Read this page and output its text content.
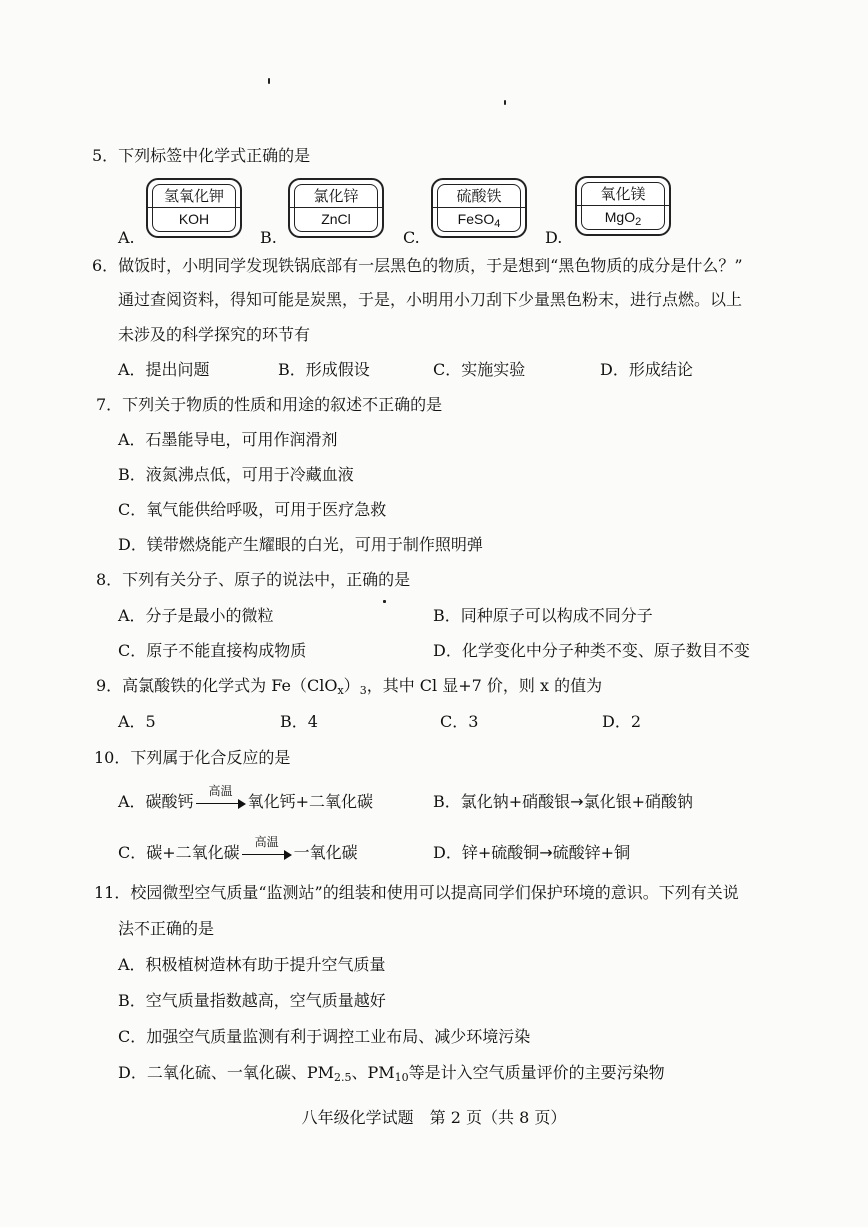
5．下列标签中化学式正确的是
A.
氢氧化钾
KOH
B.
氯化锌
ZnCl
C.
硫酸铁
FeSO$_4$
D.
氧化镁
MgO$_2$
6．做饭时，小明同学发现铁锅底部有一层黑色的物质，于是想到“黑色物质的成分是什么？”
通过查阅资料，得知可能是炭黑，于是，小明用小刀刮下少量黑色粉末，进行点燃。以上
未涉及的科学探究的环节有
A．提出问题	B．形成假设	C．实施实验	D．形成结论
7．下列关于物质的性质和用途的叙述不正确的是
A．石墨能导电，可用作润滑剂
B．液氮沸点低，可用于冷藏血液
C．氧气能供给呼吸，可用于医疗急救
D．镁带燃烧能产生耀眼的白光，可用于制作照明弹
8．下列有关分子、原子的说法中，正确的是
A．分子是最小的微粒	B．同种原子可以构成不同分子
C．原子不能直接构成物质	D．化学变化中分子种类不变、原子数目不变
9．高氯酸铁的化学式为 $Fe(ClO_x)_3$，其中 Cl 显+7 价，则 x 的值为
A．5	B．4	C．3	D．2
10．下列属于化合反应的是
A．碳酸钙
高温
氧化钙+二氧化碳	B．氯化钠+硝酸银→氯化银+硝酸钠
C．碳+二氧化碳
高温
一氧化碳	D．锌+硫酸铜→硫酸锌+铜
11．校园微型空气质量“监测站”的组装和使用可以提高同学们保护环境的意识。下列有关说
法不正确的是
A．积极植树造林有助于提升空气质量
B．空气质量指数越高，空气质量越好
C．加强空气质量监测有利于调控工业布局、减少环境污染
D．二氧化硫、一氧化碳、$PM_{2.5}$、$PM_{10}$等是计入空气质量评价的主要污染物
八年级化学试题　第 2 页（共 8 页）
